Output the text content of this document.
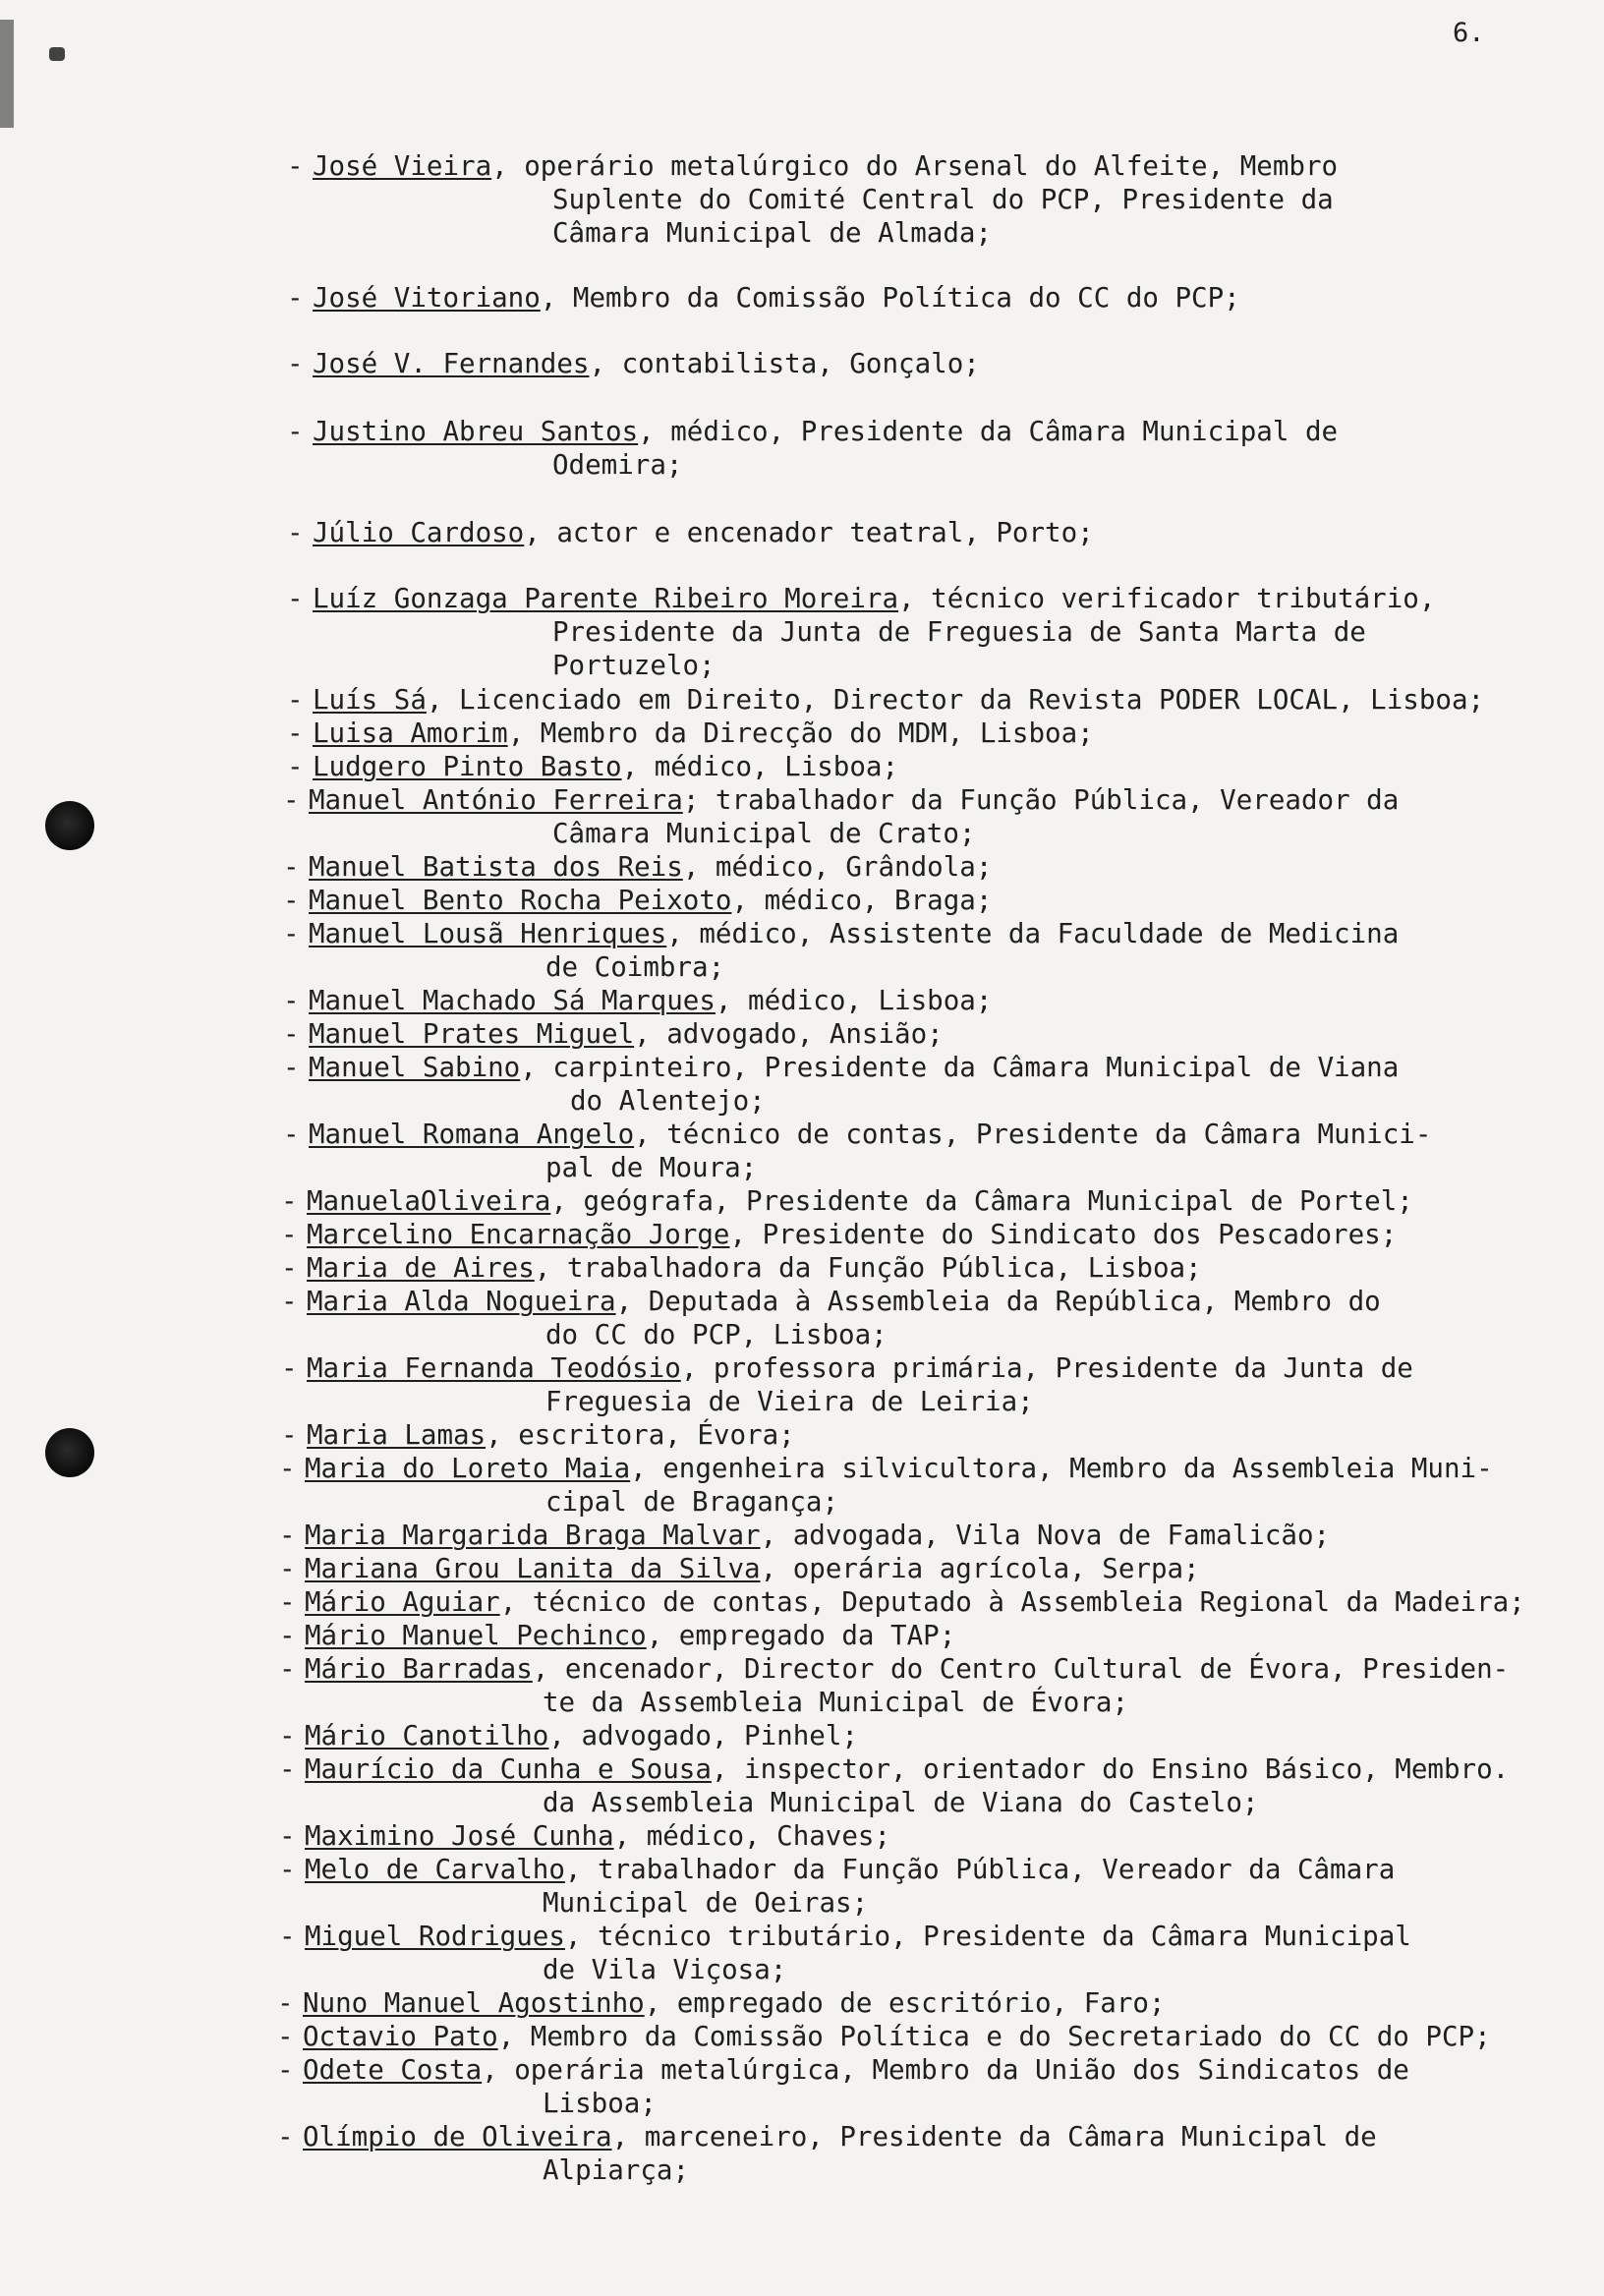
6.
- José Vieira, operário metalúrgico do Arsenal do Alfeite, Membro
Suplente do Comité Central do PCP, Presidente da
Câmara Municipal de Almada;
- José Vitoriano, Membro da Comissão Política do CC do PCP;
- José V. Fernandes, contabilista, Gonçalo;
- Justino Abreu Santos, médico, Presidente da Câmara Municipal de
Odemira;
- Júlio Cardoso, actor e encenador teatral, Porto;
- Luíz Gonzaga Parente Ribeiro Moreira, técnico verificador tributário,
Presidente da Junta de Freguesia de Santa Marta de
Portuzelo;
- Luís Sá, Licenciado em Direito, Director da Revista PODER LOCAL, Lisboa;
- Luisa Amorim, Membro da Direcção do MDM, Lisboa;
- Ludgero Pinto Basto, médico, Lisboa;
- Manuel António Ferreira; trabalhador da Função Pública, Vereador da
Câmara Municipal de Crato;
- Manuel Batista dos Reis, médico, Grândola;
- Manuel Bento Rocha Peixoto, médico, Braga;
- Manuel Lousã Henriques, médico, Assistente da Faculdade de Medicina
de Coimbra;
- Manuel Machado Sá Marques, médico, Lisboa;
- Manuel Prates Miguel, advogado, Ansião;
- Manuel Sabino, carpinteiro, Presidente da Câmara Municipal de Viana
do Alentejo;
- Manuel Romana Angelo, técnico de contas, Presidente da Câmara Munici-
pal de Moura;
- ManuelaOliveira, geógrafa, Presidente da Câmara Municipal de Portel;
- Marcelino Encarnação Jorge, Presidente do Sindicato dos Pescadores;
- Maria de Aires, trabalhadora da Função Pública, Lisboa;
- Maria Alda Nogueira, Deputada à Assembleia da República, Membro do
do CC do PCP, Lisboa;
- Maria Fernanda Teodósio, professora primária, Presidente da Junta de
Freguesia de Vieira de Leiria;
- Maria Lamas, escritora, Évora;
- Maria do Loreto Maia, engenheira silvicultora, Membro da Assembleia Muni-
cipal de Bragança;
- Maria Margarida Braga Malvar, advogada, Vila Nova de Famalicão;
- Mariana Grou Lanita da Silva, operária agrícola, Serpa;
- Mário Aguiar, técnico de contas, Deputado à Assembleia Regional da Madeira;
- Mário Manuel Pechinco, empregado da TAP;
- Mário Barradas, encenador, Director do Centro Cultural de Évora, Presiden-
te da Assembleia Municipal de Évora;
- Mário Canotilho, advogado, Pinhel;
- Maurício da Cunha e Sousa, inspector, orientador do Ensino Básico, Membro.
da Assembleia Municipal de Viana do Castelo;
- Maximino José Cunha, médico, Chaves;
- Melo de Carvalho, trabalhador da Função Pública, Vereador da Câmara
Municipal de Oeiras;
- Miguel Rodrigues, técnico tributário, Presidente da Câmara Municipal
de Vila Viçosa;
- Nuno Manuel Agostinho, empregado de escritório, Faro;
- Octavio Pato, Membro da Comissão Política e do Secretariado do CC do PCP;
- Odete Costa, operária metalúrgica, Membro da União dos Sindicatos de
Lisboa;
- Olímpio de Oliveira, marceneiro, Presidente da Câmara Municipal de
Alpiarça;
